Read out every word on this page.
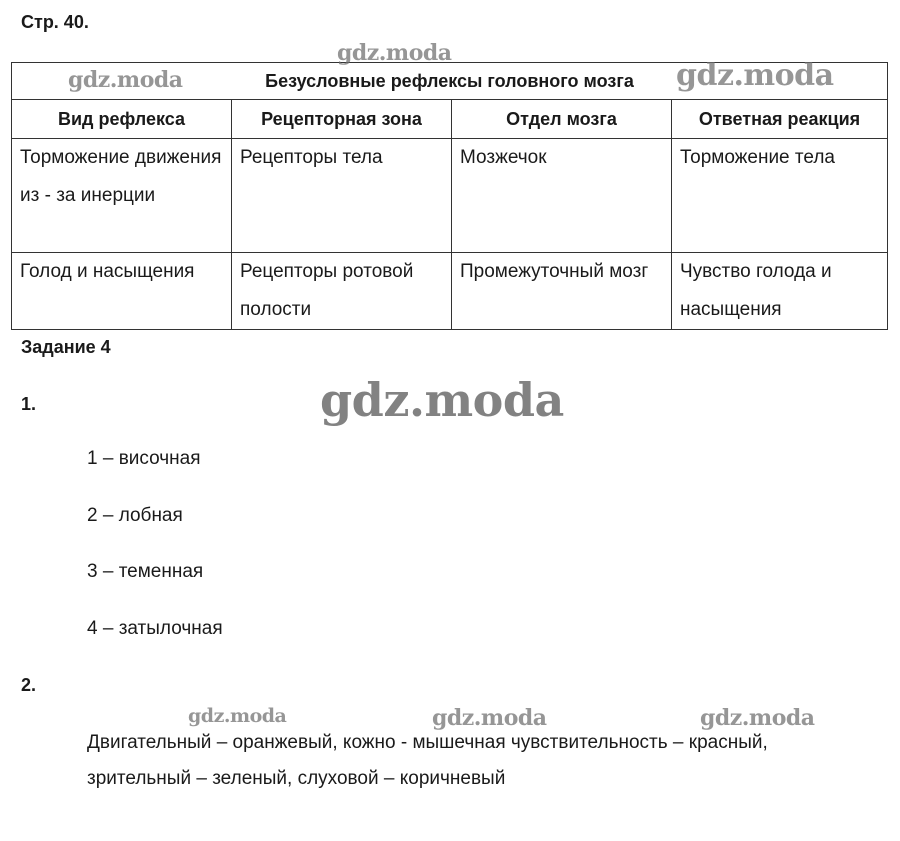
Стр. 40.
Безусловные рефлексы головного мозга			
Вид рефлекса	Рецепторная зона	Отдел мозга	Ответная реакция
Торможение движения из - за инерции	Рецепторы тела	Мозжечок	Торможение тела
Голод и насыщения	Рецепторы ротовой полости	Промежуточный мозг	Чувство голода и насыщения
Задание 4
1.
1 – височная
2 – лобная
3 – теменная
4 – затылочная
2.

Двигательный – оранжевый, кожно - мышечная чувствительность – красный, зрительный – зеленый, слуховой – коричневый

gdz.moda
gdz.moda	gdz.moda
gdz.moda
gdz.moda	gdz.moda	gdz.moda
